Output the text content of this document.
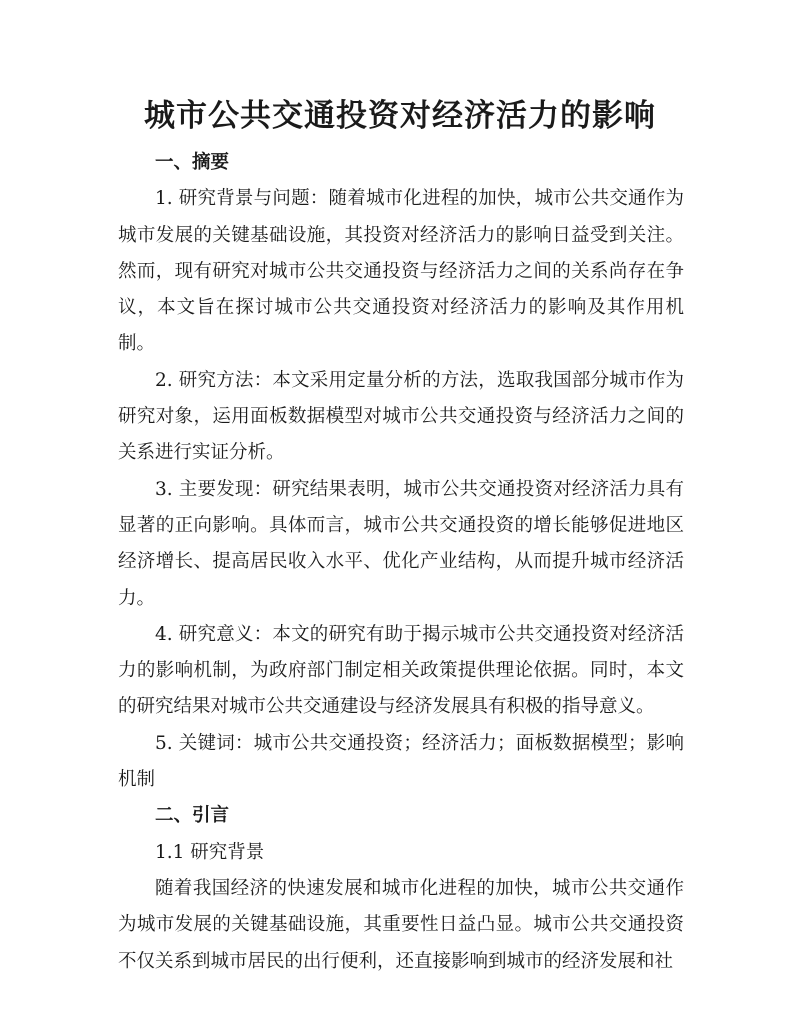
城市公共交通投资对经济活力的影响
一、摘要

1. 研究背景与问题：随着城市化进程的加快，城市公共交通作为城市发展的关键基础设施，其投资对经济活力的影响日益受到关注。然而，现有研究对城市公共交通投资与经济活力之间的关系尚存在争议，本文旨在探讨城市公共交通投资对经济活力的影响及其作用机制。

2. 研究方法：本文采用定量分析的方法，选取我国部分城市作为研究对象，运用面板数据模型对城市公共交通投资与经济活力之间的关系进行实证分析。

3. 主要发现：研究结果表明，城市公共交通投资对经济活力具有显著的正向影响。具体而言，城市公共交通投资的增长能够促进地区经济增长、提高居民收入水平、优化产业结构，从而提升城市经济活力。

4. 研究意义：本文的研究有助于揭示城市公共交通投资对经济活力的影响机制，为政府部门制定相关政策提供理论依据。同时，本文的研究结果对城市公共交通建设与经济发展具有积极的指导意义。

5. 关键词：城市公共交通投资；经济活力；面板数据模型；影响机制

二、引言

1.1 研究背景

随着我国经济的快速发展和城市化进程的加快，城市公共交通作为城市发展的关键基础设施，其重要性日益凸显。城市公共交通投资不仅关系到城市居民的出行便利，还直接影响到城市的经济发展和社
